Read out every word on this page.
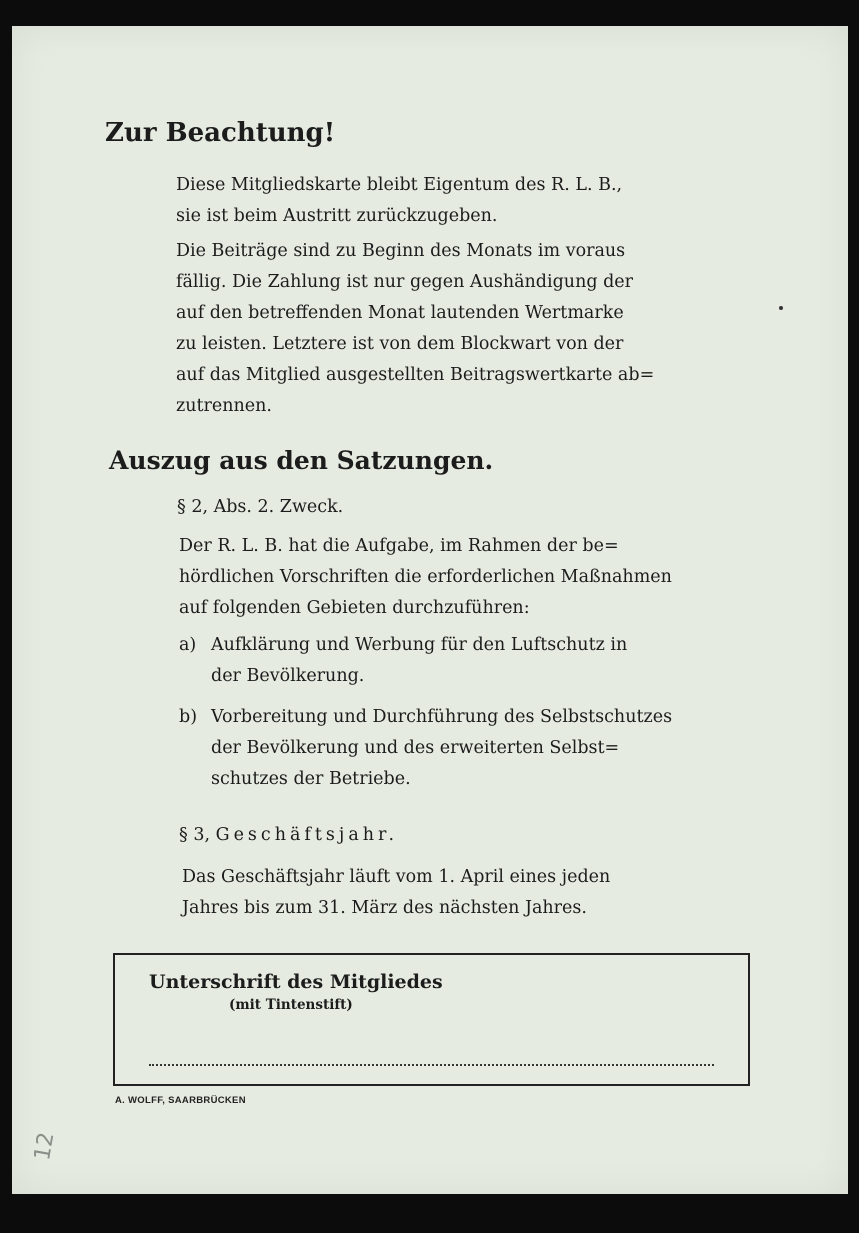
Zur Beachtung!
Diese Mitgliedskarte bleibt Eigentum des R. L. B.,
sie ist beim Austritt zurückzugeben.
Die Beiträge sind zu Beginn des Monats im voraus
fällig. Die Zahlung ist nur gegen Aushändigung der
auf den betreffenden Monat lautenden Wertmarke
zu leisten. Letztere ist von dem Blockwart von der
auf das Mitglied ausgestellten Beitragswertkarte ab=
zutrennen.
Auszug aus den Satzungen.
§ 2, Abs. 2. Zweck.
Der R. L. B. hat die Aufgabe, im Rahmen der be=
hördlichen Vorschriften die erforderlichen Maßnahmen
auf folgenden Gebieten durchzuführen:
a) Aufklärung und Werbung für den Luftschutz in
der Bevölkerung.
b) Vorbereitung und Durchführung des Selbstschutzes
der Bevölkerung und des erweiterten Selbst=
schutzes der Betriebe.
§ 3, Geschäftsjahr.
Das Geschäftsjahr läuft vom 1. April eines jeden
Jahres bis zum 31. März des nächsten Jahres.
Unterschrift des Mitgliedes
(mit Tintenstift)
A. WOLFF, SAARBRÜCKEN
12
